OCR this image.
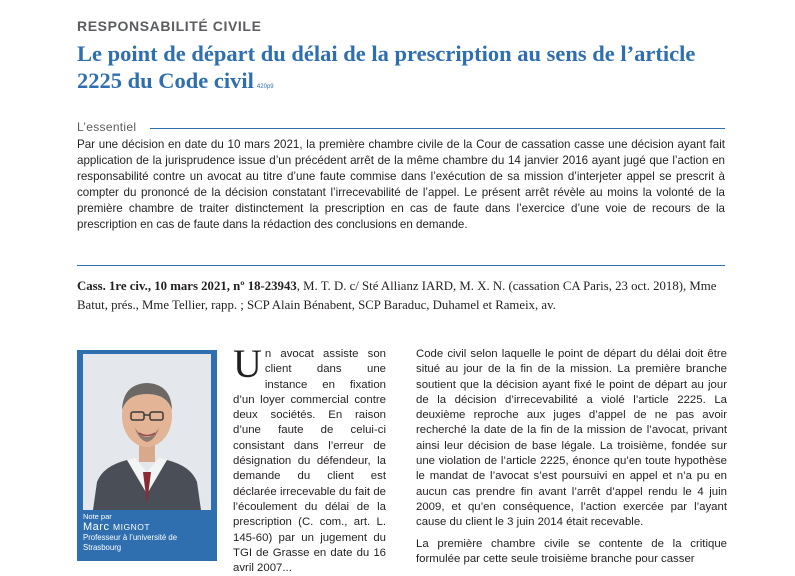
RESPONSABILITÉ CIVILE
Le point de départ du délai de la prescription au sens de l’article 2225 du Code civil 420p9
L’essentiel
Par une décision en date du 10 mars 2021, la première chambre civile de la Cour de cassation casse une décision ayant fait application de la jurisprudence issue d’un précédent arrêt de la même chambre du 14 janvier 2016 ayant jugé que l’action en responsabilité contre un avocat au titre d’une faute commise dans l’exécution de sa mission d’interjeter appel se prescrit à compter du prononcé de la décision constatant l’irrecevabilité de l’appel. Le présent arrêt révèle au moins la volonté de la première chambre de traiter distinctement la prescription en cas de faute dans l’exercice d’une voie de recours de la prescription en cas de faute dans la rédaction des conclusions en demande.
Cass. 1re civ., 10 mars 2021, nº 18-23943, M. T. D. c/ Sté Allianz IARD, M. X. N. (cassation CA Paris, 23 oct. 2018), Mme Batut, prés., Mme Tellier, rapp. ; SCP Alain Bénabent, SCP Baraduc, Duhamel et Rameix, av.
Note par
Marc MIGNOT
Professeur à l’université de Strasbourg

Un avocat assiste son client dans une instance en fixation d’un loyer commercial contre deux sociétés. En raison d’une faute de celui-ci consistant dans l’erreur de désignation du défendeur, la demande du client est déclarée irrecevable du fait de l’écoulement du délai de la prescription (C. com., art. L. 145-60) par un jugement du TGI de Grasse en date du 16 avril 2007...

Code civil selon laquelle le point de départ du délai doit être situé au jour de la fin de la mission. La première branche soutient que la décision ayant fixé le point de départ au jour de la décision d’irrecevabilité a violé l’article 2225. La deuxième reproche aux juges d’appel de ne pas avoir recherché la date de la fin de la mission de l’avocat, privant ainsi leur décision de base légale. La troisième, fondée sur une violation de l’article 2225, énonce qu’en toute hypothèse le mandat de l’avocat s’est poursuivi en appel et n’a pu en aucun cas prendre fin avant l’arrêt d’appel rendu le 4 juin 2009, et qu’en conséquence, l’action exercée par l’ayant cause du client le 3 juin 2014 était recevable.

La première chambre civile se contente de la critique formulée par cette seule troisième branche pour casser
